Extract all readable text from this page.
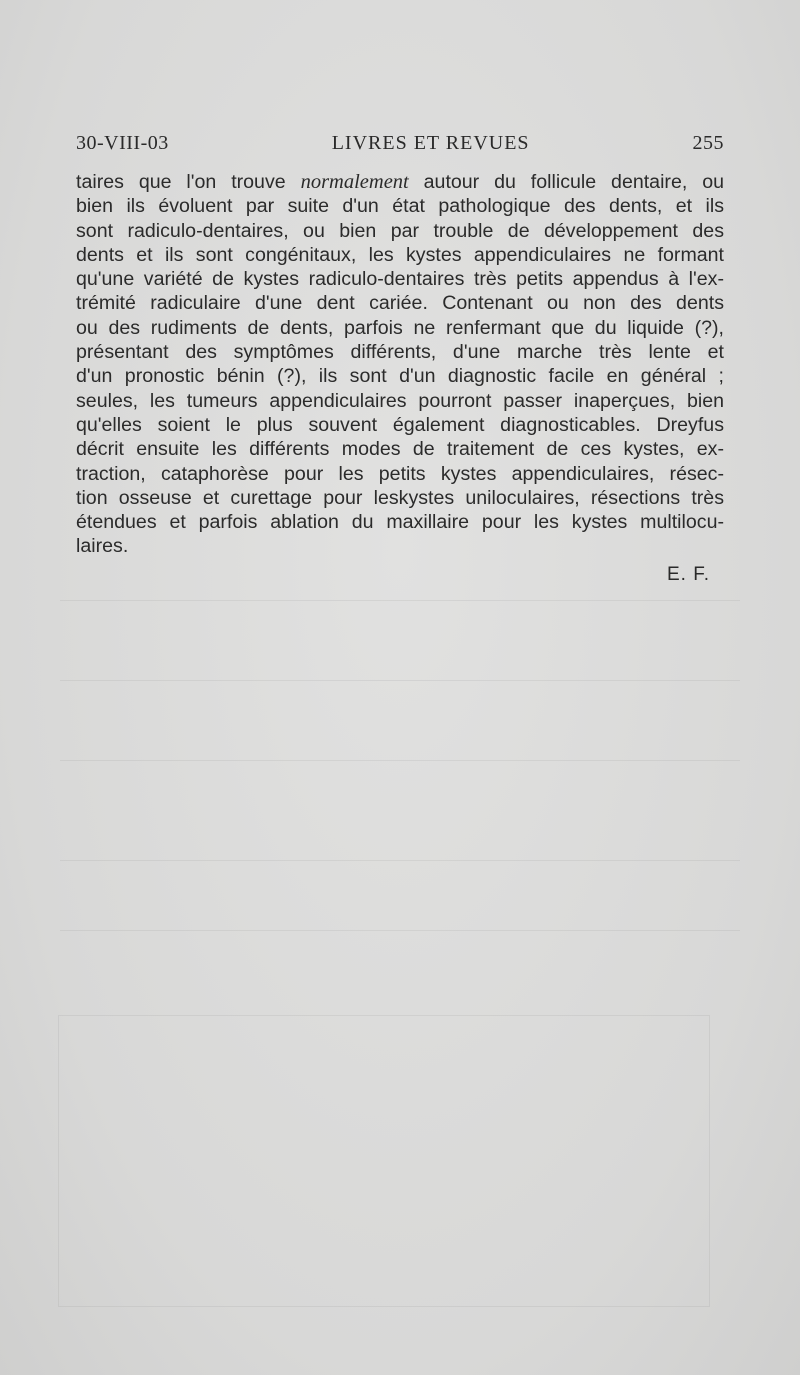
30-VIII-03	LIVRES ET REVUES	255
taires que l'on trouve normalement autour du follicule dentaire, ou
bien ils évoluent par suite d'un état pathologique des dents, et ils
sont radiculo-dentaires, ou bien par trouble de développement des
dents et ils sont congénitaux, les kystes appendiculaires ne formant
qu'une variété de kystes radiculo-dentaires très petits appendus à l'ex-
trémité radiculaire d'une dent cariée. Contenant ou non des dents
ou des rudiments de dents, parfois ne renfermant que du liquide (?),
présentant des symptômes différents, d'une marche très lente et
d'un pronostic bénin (?), ils sont d'un diagnostic facile en général ;
seules, les tumeurs appendiculaires pourront passer inaperçues, bien
qu'elles soient le plus souvent également diagnosticables. Dreyfus
décrit ensuite les différents modes de traitement de ces kystes, ex-
traction, cataphorèse pour les petits kystes appendiculaires, résec-
tion osseuse et curettage pour leskystes uniloculaires, résections très
étendues et parfois ablation du maxillaire pour les kystes multilocu-
laires.
E. F.
